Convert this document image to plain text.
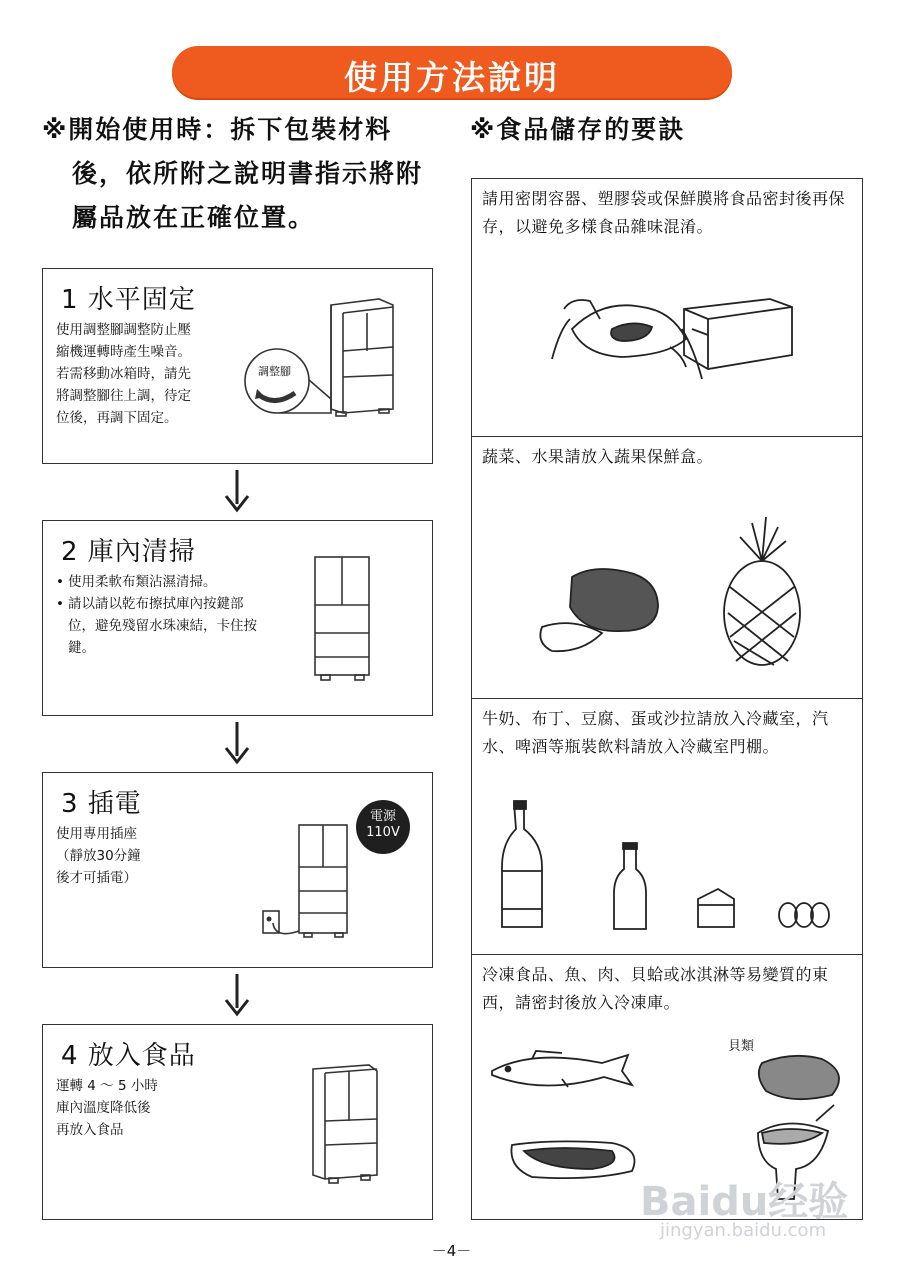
使用方法說明
※開始使用時：拆下包裝材料
後，依所附之說明書指示將附
屬品放在正確位置。
※食品儲存的要訣
1 水平固定
使用調整腳調整防止壓
縮機運轉時產生噪音。
若需移動冰箱時，請先
將調整腳往上調，待定
位後，再調下固定。
調整腳
2 庫內清掃
• 使用柔軟布類沾濕清掃。
• 請以請以乾布擦拭庫內按鍵部位，避免殘留水珠凍結，卡住按鍵。
3 插電
使用專用插座
（靜放30分鐘
後才可插電）
電源
110V
4 放入食品
運轉 4 ～ 5 小時
庫內溫度降低後
再放入食品
請用密閉容器、塑膠袋或保鮮膜將食品密封後再保存，以避免多樣食品雜味混淆。
蔬菜、水果請放入蔬果保鮮盒。
牛奶、布丁、豆腐、蛋或沙拉請放入冷藏室，汽水、啤酒等瓶裝飲料請放入冷藏室門棚。
冷凍食品、魚、肉、貝蛤或冰淇淋等易變質的東西，請密封後放入冷凍庫。
貝類
－4－
Baidu经验
jingyan.baidu.com
